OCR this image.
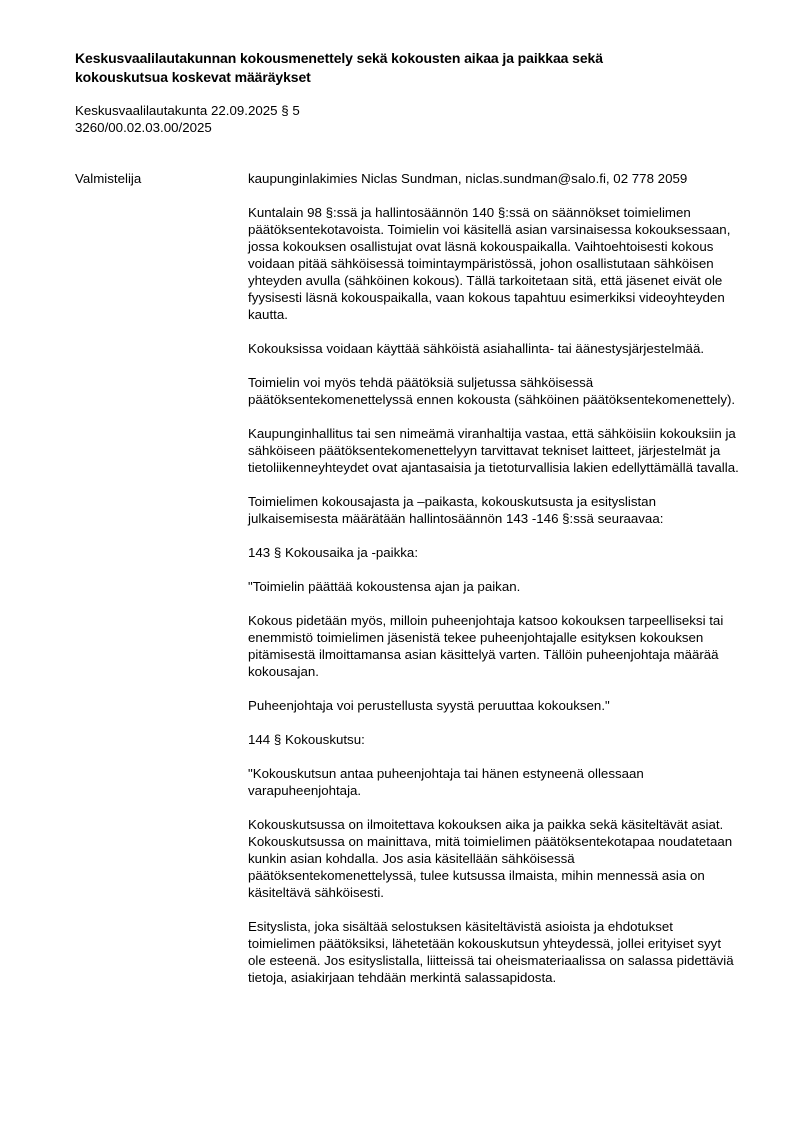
Keskusvaalilautakunnan kokousmenettely sekä kokousten aikaa ja paikkaa sekä kokouskutsua koskevat määräykset
Keskusvaalilautakunta 22.09.2025 § 5
3260/00.02.03.00/2025
Valmistelija	kaupunginlakimies Niclas Sundman, niclas.sundman@salo.fi, 02 778 2059

Kuntalain 98 §:ssä ja hallintosäännön 140 §:ssä on säännökset toimielimen päätöksentekotavoista. Toimielin voi käsitellä asian varsinaisessa kokouksessaan, jossa kokouksen osallistujat ovat läsnä kokouspaikalla. Vaihtoehtoisesti kokous voidaan pitää sähköisessä toimintaympäristössä, johon osallistutaan sähköisen yhteyden avulla (sähköinen kokous). Tällä tarkoitetaan sitä, että jäsenet eivät ole fyysisesti läsnä kokouspaikalla, vaan kokous tapahtuu esimerkiksi videoyhteyden kautta.

Kokouksissa voidaan käyttää sähköistä asiahallinta- tai äänestysjärjestelmää.

Toimielin voi myös tehdä päätöksiä suljetussa sähköisessä päätöksentekomenettelyssä ennen kokousta (sähköinen päätöksentekomenettely).

Kaupunginhallitus tai sen nimeämä viranhaltija vastaa, että sähköisiin kokouksiin ja sähköiseen päätöksentekomenettelyyn tarvittavat tekniset laitteet, järjestelmät ja tietoliikenneyhteydet ovat ajantasaisia ja tietoturvallisia lakien edellyttämällä tavalla.

Toimielimen kokousajasta ja –paikasta, kokouskutsusta ja esityslistan julkaisemisesta määrätään hallintosäännön 143 -146 §:ssä seuraavaa:

143 § Kokousaika ja -paikka:

"Toimielin päättää kokoustensa ajan ja paikan.

Kokous pidetään myös, milloin puheenjohtaja katsoo kokouksen tarpeelliseksi tai enemmistö toimielimen jäsenistä tekee puheenjohtajalle esityksen kokouksen pitämisestä ilmoittamansa asian käsittelyä varten. Tällöin puheenjohtaja määrää kokousajan.

Puheenjohtaja voi perustellusta syystä peruuttaa kokouksen."

144 § Kokouskutsu:

"Kokouskutsun antaa puheenjohtaja tai hänen estyneenä ollessaan varapuheenjohtaja.

Kokouskutsussa on ilmoitettava kokouksen aika ja paikka sekä käsiteltävät asiat. Kokouskutsussa on mainittava, mitä toimielimen päätöksentekotapaa noudatetaan kunkin asian kohdalla. Jos asia käsitellään sähköisessä päätöksentekomenettelyssä, tulee kutsussa ilmaista, mihin mennessä asia on käsiteltävä sähköisesti.

Esityslista, joka sisältää selostuksen käsiteltävistä asioista ja ehdotukset toimielimen päätöksiksi, lähetetään kokouskutsun yhteydessä, jollei erityiset syyt ole esteenä. Jos esityslistalla, liitteissä tai oheismateriaalissa on salassa pidettäviä tietoja, asiakirjaan tehdään merkintä salassapidosta.
